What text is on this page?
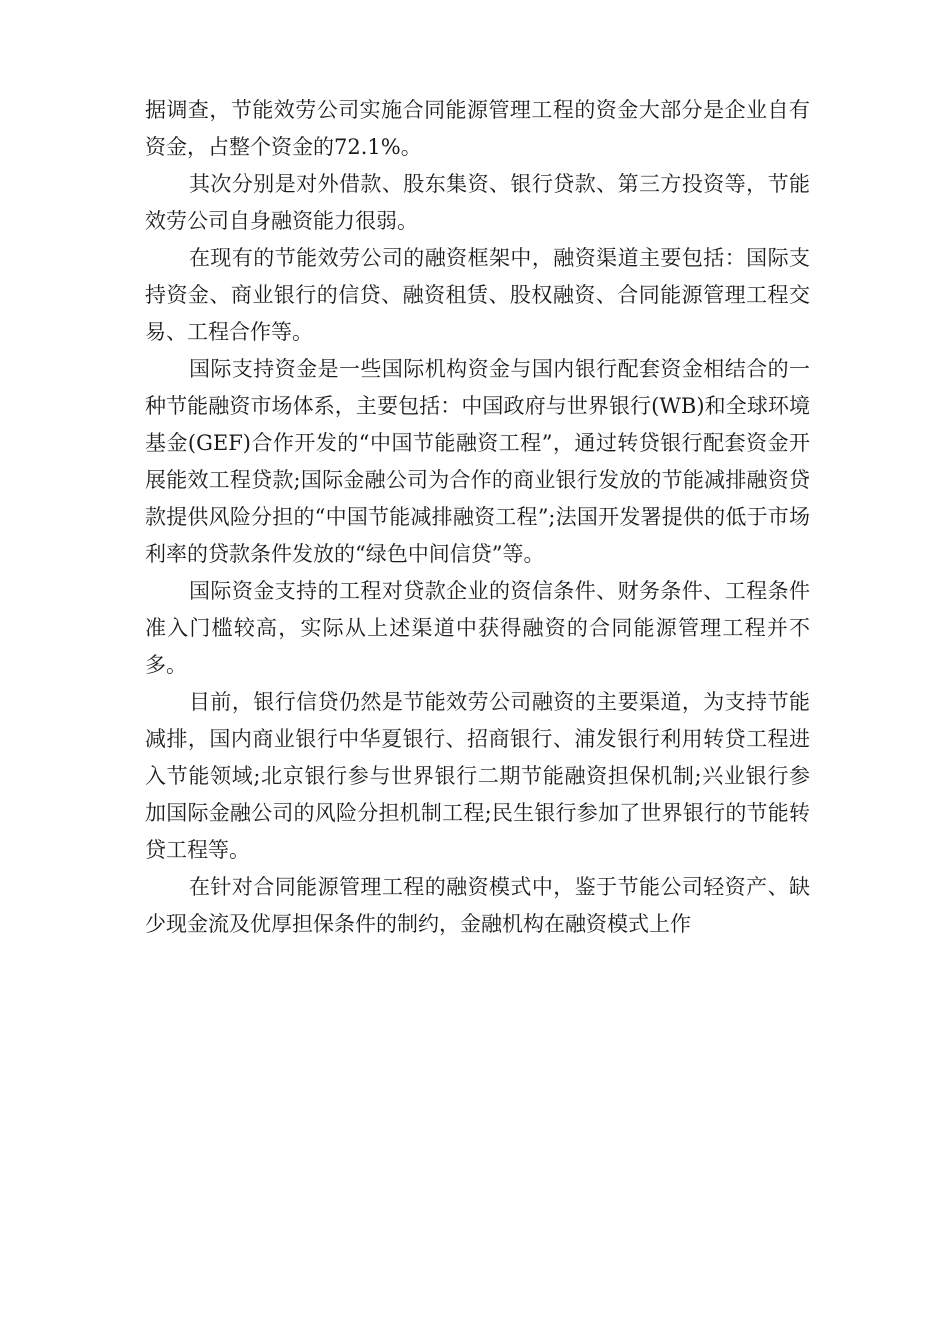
据调查，节能效劳公司实施合同能源管理工程的资金大部分是企业自有资金，占整个资金的72.1%。

其次分别是对外借款、股东集资、银行贷款、第三方投资等，节能效劳公司自身融资能力很弱。

在现有的节能效劳公司的融资框架中，融资渠道主要包括：国际支持资金、商业银行的信贷、融资租赁、股权融资、合同能源管理工程交易、工程合作等。

国际支持资金是一些国际机构资金与国内银行配套资金相结合的一种节能融资市场体系，主要包括：中国政府与世界银行(WB)和全球环境基金(GEF)合作开发的“中国节能融资工程”，通过转贷银行配套资金开展能效工程贷款;国际金融公司为合作的商业银行发放的节能减排融资贷款提供风险分担的“中国节能减排融资工程”;法国开发署提供的低于市场利率的贷款条件发放的“绿色中间信贷”等。

国际资金支持的工程对贷款企业的资信条件、财务条件、工程条件准入门槛较高，实际从上述渠道中获得融资的合同能源管理工程并不多。

目前，银行信贷仍然是节能效劳公司融资的主要渠道，为支持节能减排，国内商业银行中华夏银行、招商银行、浦发银行利用转贷工程进入节能领域;北京银行参与世界银行二期节能融资担保机制;兴业银行参加国际金融公司的风险分担机制工程;民生银行参加了世界银行的节能转贷工程等。

在针对合同能源管理工程的融资模式中，鉴于节能公司轻资产、缺少现金流及优厚担保条件的制约，金融机构在融资模式上作
